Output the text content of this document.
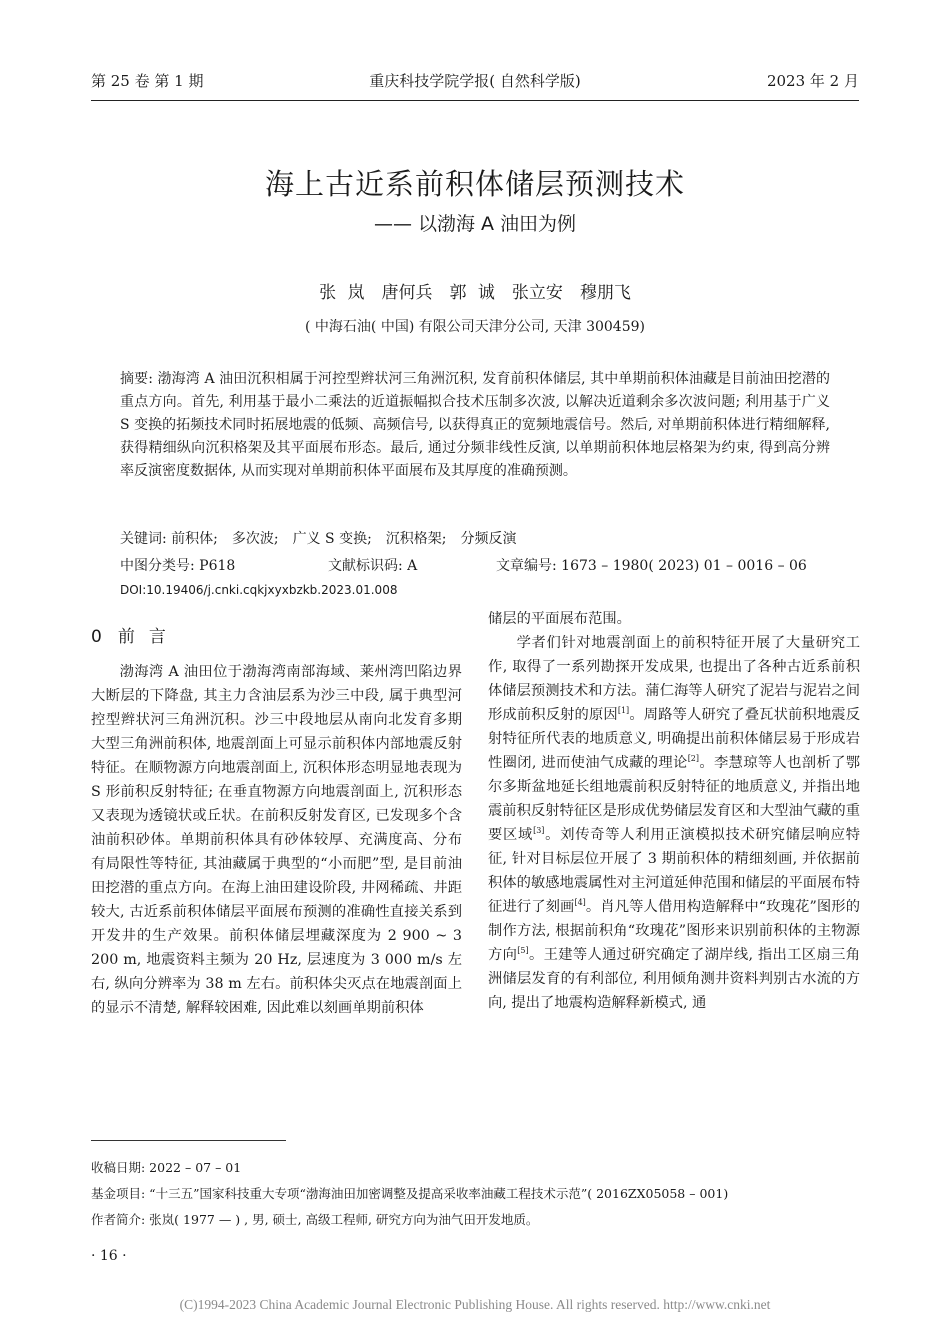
第 25 卷 第 1 期	重庆科技学院学报( 自然科学版)	2023 年 2 月
海上古近系前积体储层预测技术
—— 以渤海 A 油田为例
张 岚　唐何兵　郭 诚　张立安　穆朋飞
( 中海石油( 中国) 有限公司天津分公司, 天津 300459)
摘要: 渤海湾 A 油田沉积相属于河控型辫状河三角洲沉积, 发育前积体储层, 其中单期前积体油藏是目前油田挖潜的重点方向。首先, 利用基于最小二乘法的近道振幅拟合技术压制多次波, 以解决近道剩余多次波问题; 利用基于广义 S 变换的拓频技术同时拓展地震的低频、高频信号, 以获得真正的宽频地震信号。然后, 对单期前积体进行精细解释, 获得精细纵向沉积格架及其平面展布形态。最后, 通过分频非线性反演, 以单期前积体地层格架为约束, 得到高分辨率反演密度数据体, 从而实现对单期前积体平面展布及其厚度的准确预测。
关键词: 前积体;　多次波;　广义 S 变换;　沉积格架;　分频反演
中图分类号: P618	文献标识码: A	文章编号: 1673 – 1980( 2023) 01 – 0016 – 06
DOI:10.19406/j.cnki.cqkjxyxbzkb.2023.01.008
0 前言

渤海湾 A 油田位于渤海湾南部海域、莱州湾凹陷边界大断层的下降盘, 其主力含油层系为沙三中段, 属于典型河控型辫状河三角洲沉积。沙三中段地层从南向北发育多期大型三角洲前积体, 地震剖面上可显示前积体内部地震反射特征。在顺物源方向地震剖面上, 沉积体形态明显地表现为 S 形前积反射特征; 在垂直物源方向地震剖面上, 沉积形态又表现为透镜状或丘状。在前积反射发育区, 已发现多个含油前积砂体。单期前积体具有砂体较厚、充满度高、分布有局限性等特征, 其油藏属于典型的“小而肥”型, 是目前油田挖潜的重点方向。在海上油田建设阶段, 井网稀疏、井距较大, 古近系前积体储层平面展布预测的准确性直接关系到开发井的生产效果。前积体储层埋藏深度为 2 900 ~ 3 200 m, 地震资料主频为 20 Hz, 层速度为 3 000 m/s 左右, 纵向分辨率为 38 m 左右。前积体尖灭点在地震剖面上的显示不清楚, 解释较困难, 因此难以刻画单期前积体

储层的平面展布范围。

学者们针对地震剖面上的前积特征开展了大量研究工作, 取得了一系列勘探开发成果, 也提出了各种古近系前积体储层预测技术和方法。蒲仁海等人研究了泥岩与泥岩之间形成前积反射的原因[1]。周路等人研究了叠瓦状前积地震反射特征所代表的地质意义, 明确提出前积体储层易于形成岩性圈闭, 进而使油气成藏的理论[2]。李慧琼等人也剖析了鄂尔多斯盆地延长组地震前积反射特征的地质意义, 并指出地震前积反射特征区是形成优势储层发育区和大型油气藏的重要区域[3]。刘传奇等人利用正演模拟技术研究储层响应特征, 针对目标层位开展了 3 期前积体的精细刻画, 并依据前积体的敏感地震属性对主河道延伸范围和储层的平面展布特征进行了刻画[4]。肖凡等人借用构造解释中“玫瑰花”图形的制作方法, 根据前积角“玫瑰花”图形来识别前积体的主物源方向[5]。王建等人通过研究确定了湖岸线, 指出工区扇三角洲储层发育的有利部位, 利用倾角测井资料判别古水流的方向, 提出了地震构造解释新模式, 通

收稿日期: 2022 – 07 – 01
基金项目: “十三五”国家科技重大专项“渤海油田加密调整及提高采收率油藏工程技术示范”( 2016ZX05058 – 001)
作者简介: 张岚( 1977 — ) , 男, 硕士, 高级工程师, 研究方向为油气田开发地质。
· 16 ·
(C)1994-2023 China Academic Journal Electronic Publishing House. All rights reserved. http://www.cnki.net
